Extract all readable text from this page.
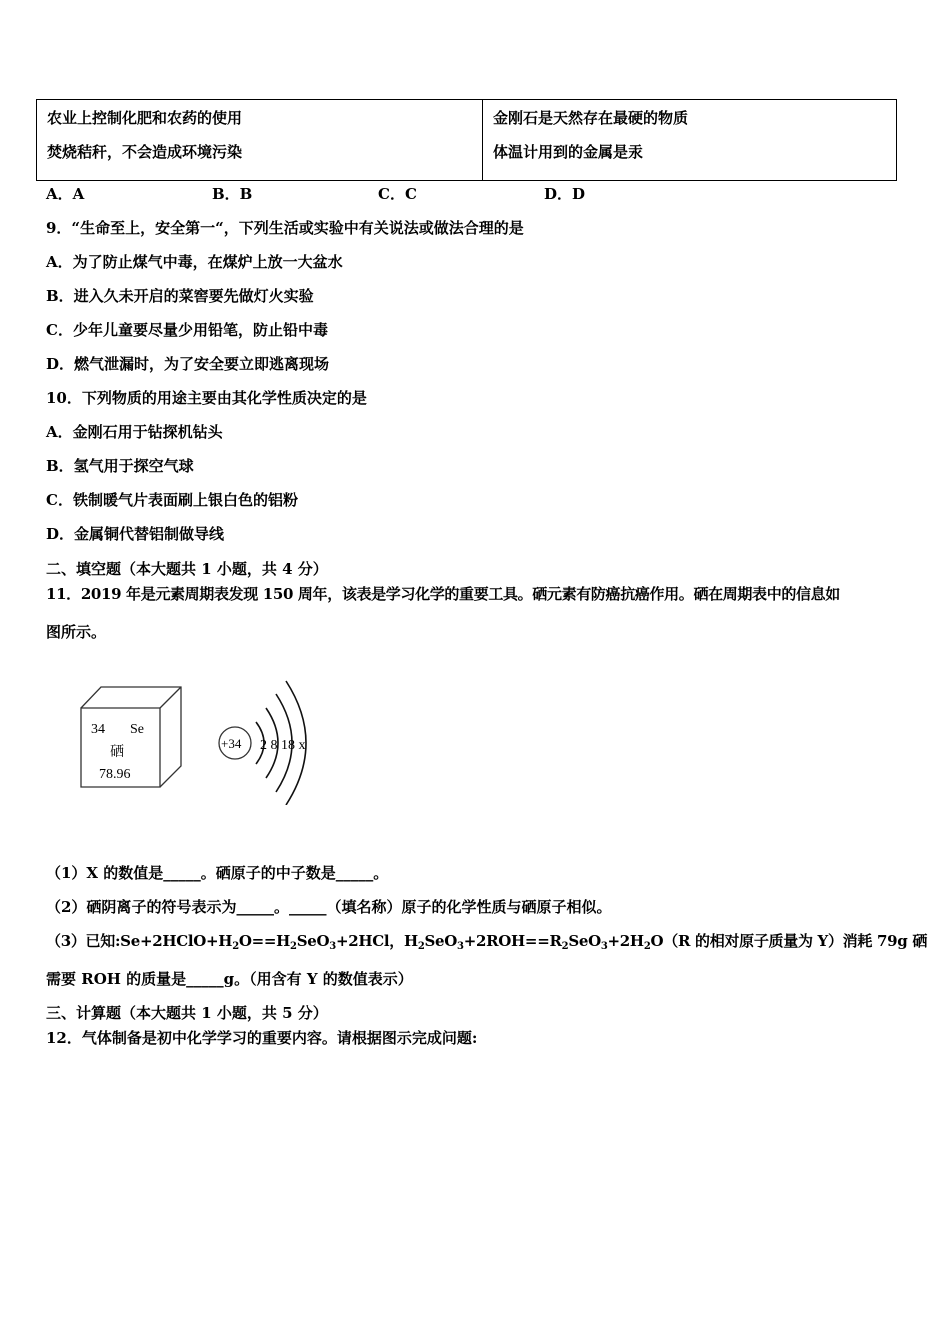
农业上控制化肥和农药的使用
焚烧秸秆，不会造成环境污染

金刚石是天然存在最硬的物质
体温计用到的金属是汞
A．A	B．B	C．C	D．D
9．“生命至上，安全第一“，下列生活或实验中有关说法或做法合理的是
A．为了防止煤气中毒，在煤炉上放一大盆水
B．进入久未开启的菜窖要先做灯火实验
C．少年儿童要尽量少用铅笔，防止铅中毒
D．燃气泄漏时，为了安全要立即逃离现场
10．下列物质的用途主要由其化学性质决定的是
A．金刚石用于钻探机钻头
B．氢气用于探空气球
C．铁制暖气片表面刷上银白色的铝粉
D．金属铜代替铝制做导线
二、填空题（本大题共 1 小题，共 4 分）
11．2019 年是元素周期表发现 150 周年，该表是学习化学的重要工具。硒元素有防癌抗癌作用。硒在周期表中的信息如
图所示。
34 Se
硒
78.96
+34 2 8 18 x
（1）X 的数值是_____。硒原子的中子数是_____。
（2）硒阴离子的符号表示为_____。_____（填名称）原子的化学性质与硒原子相似。
（3）已知$:Se+2HClO+H_2O==H_2SeO_3+2HCl$，$H_2SeO_3+2ROH==R_2SeO_3+2H_2O(R$ 的相对原子质量为 Y）消耗 79g 硒
需要 ROH 的质量是_____g。（用含有 Y 的数值表示）
三、计算题（本大题共 1 小题，共 5 分）
12．气体制备是初中化学学习的重要内容。请根据图示完成问题:
